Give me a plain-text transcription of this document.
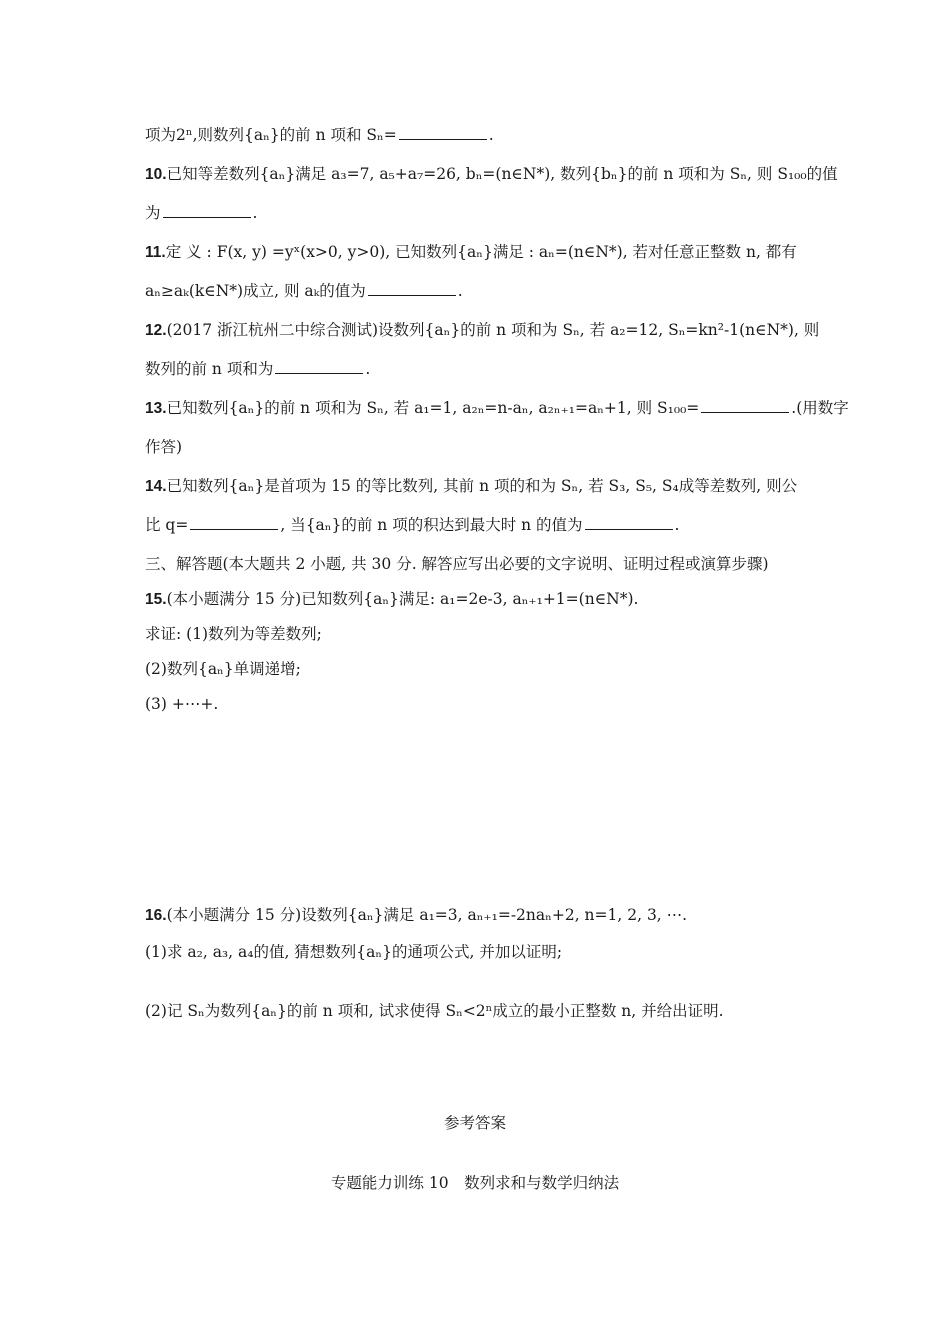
项为2ⁿ,则数列{aₙ}的前 n 项和 Sₙ=	.
10.已知等差数列{aₙ}满足 a₃=7, a₅+a₇=26, bₙ=(n∈N*), 数列{bₙ}的前 n 项和为 Sₙ, 则 S₁₀₀的值
为	.
11.定 义 : F(x, y) =yˣ(x>0, y>0), 已知数列{aₙ}满足 : aₙ=(n∈N*), 若对任意正整数 n, 都有
aₙ≥aₖ(k∈N*)成立, 则 aₖ的值为	.
12.(2017 浙江杭州二中综合测试)设数列{aₙ}的前 n 项和为 Sₙ, 若 a₂=12, Sₙ=kn²-1(n∈N*), 则
数列的前 n 项和为	.
13.已知数列{aₙ}的前 n 项和为 Sₙ, 若 a₁=1, a₂ₙ=n-aₙ, a₂ₙ₊₁=aₙ+1, 则 S₁₀₀=	.(用数字
作答)
14.已知数列{aₙ}是首项为 15 的等比数列, 其前 n 项的和为 Sₙ, 若 S₃, S₅, S₄成等差数列, 则公
比 q=	, 当{aₙ}的前 n 项的积达到最大时 n 的值为	.
三、解答题(本大题共 2 小题, 共 30 分. 解答应写出必要的文字说明、证明过程或演算步骤)
15.(本小题满分 15 分)已知数列{aₙ}满足: a₁=2e-3, aₙ₊₁+1=(n∈N*).
求证: (1)数列为等差数列;
(2)数列{aₙ}单调递增;
(3) +⋯+.
16.(本小题满分 15 分)设数列{aₙ}满足 a₁=3, aₙ₊₁=-2naₙ+2, n=1, 2, 3, ⋯.
(1)求 a₂, a₃, a₄的值, 猜想数列{aₙ}的通项公式, 并加以证明;
(2)记 Sₙ为数列{aₙ}的前 n 项和, 试求使得 Sₙ<2ⁿ成立的最小正整数 n, 并给出证明.
参考答案
专题能力训练 10　数列求和与数学归纳法
